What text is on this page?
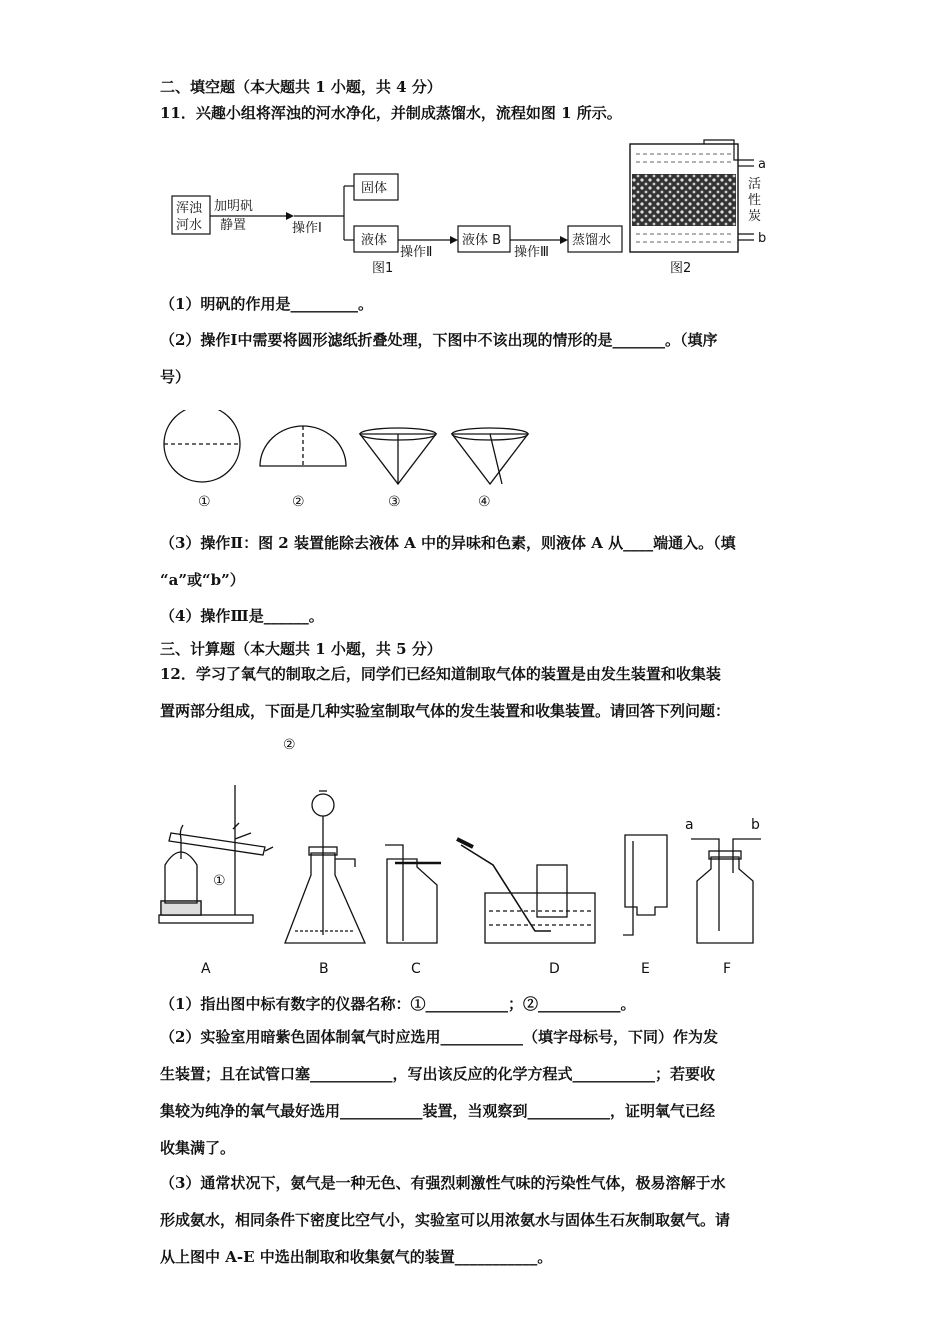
二、填空题（本大题共 1 小题，共 4 分）
11．兴趣小组将浑浊的河水净化，并制成蒸馏水，流程如图 1 所示。
浑浊
河水
加明矾
静置	操作Ⅰ
固体
液体
操作Ⅱ
液体 B
操作Ⅲ
蒸馏水
图1
a
活
性
炭
b
图2
（1）明矾的作用是_________。
（2）操作Ⅰ中需要将圆形滤纸折叠处理，下图中不该出现的情形的是_______。（填序
号）
①	②	③	④
（3）操作Ⅱ：图 2 装置能除去液体 A 中的异味和色素，则液体 A 从____端通入。（填
“a”或“b”）
（4）操作Ⅲ是______。
三、计算题（本大题共 1 小题，共 5 分）
12．学习了氧气的制取之后，同学们已经知道制取气体的装置是由发生装置和收集装
置两部分组成，下面是几种实验室制取气体的发生装置和收集装置。请回答下列问题：
①
②
a	b
A	B	C	D	E	F
（1）指出图中标有数字的仪器名称：①___________；②___________。
（2）实验室用暗紫色固体制氧气时应选用___________（填字母标号，下同）作为发
生装置；且在试管口塞___________，写出该反应的化学方程式___________；若要收
集较为纯净的氧气最好选用___________装置，当观察到___________，证明氧气已经
收集满了。
（3）通常状况下，氨气是一种无色、有强烈刺激性气味的污染性气体，极易溶解于水
形成氨水，相同条件下密度比空气小，实验室可以用浓氨水与固体生石灰制取氨气。请
从上图中 A-E 中选出制取和收集氨气的装置___________。
